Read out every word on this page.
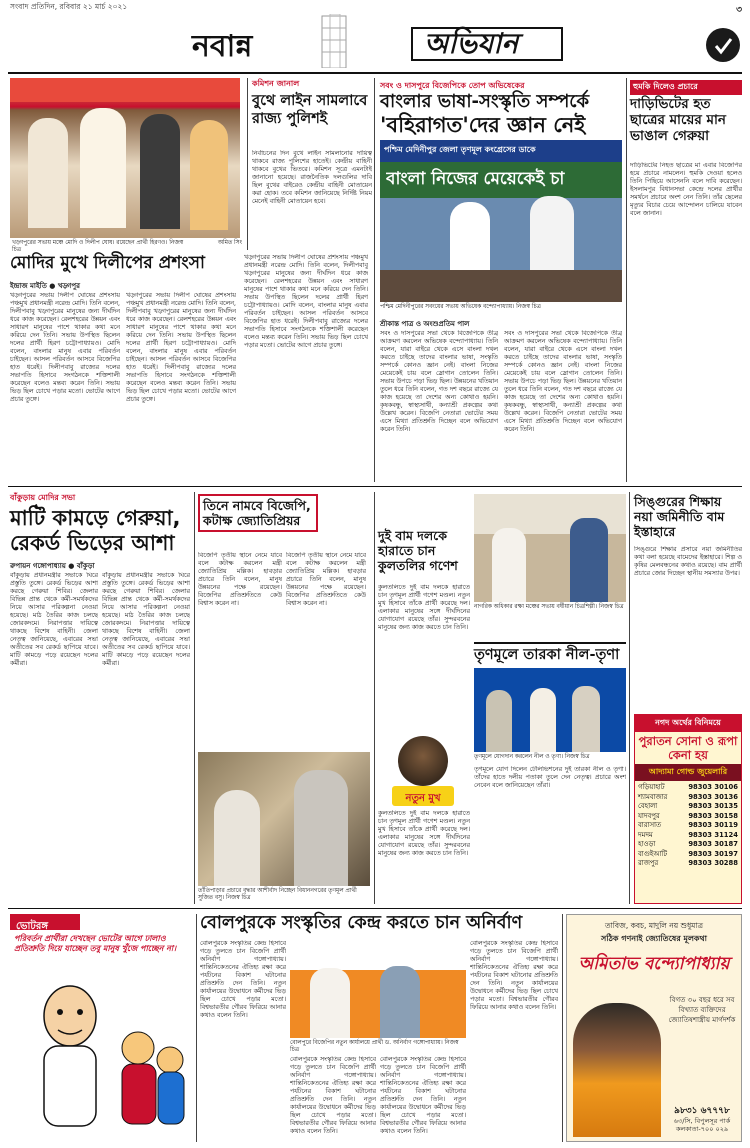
সংবাদ প্রতিদিন, রবিবার ২১ মার্চ ২০২১	৩
নবান্ন	অভিযান
খড়্গপুরের সভায় মঞ্চে মোদি ও দিলীপ ঘোষ। রয়েছেন প্রার্থী হিরণও। নিজস্ব চিত্র
অমিত সিং
মোদির মুখে দিলীপের প্রশংসা
ইন্দ্রাজ মাইতি ● খড়্গপুর
খড়্গপুরের সভায় দিলীপ ঘোষের প্রশংসায় পঞ্চমুখ প্রধানমন্ত্রী নরেন্দ্র মোদি। তিনি বলেন, দিলীপবাবু খড়্গপুরের মানুষের জন্য দীর্ঘদিন ধরে কাজ করেছেন। রেলশহরের উন্নয়ন এবং সাধারণ মানুষের পাশে থাকার কথা মনে করিয়ে দেন তিনি। সভায় উপস্থিত ছিলেন দলের প্রার্থী হিরণ চট্টোপাধ্যায়ও। মোদি বলেন, বাংলার মানুষ এবার পরিবর্তন চাইছেন। আসল পরিবর্তন আসবে বিজেপির হাত ধরেই। দিলীপবাবু রাজ্যের দলের সভাপতি হিসাবে সংগঠনকে শক্তিশালী করেছেন বলেও মন্তব্য করেন তিনি। সভায় ভিড় ছিল চোখে পড়ার মতো। ভোটের আগে প্রচার তুঙ্গে।
খড়্গপুরের সভায় দিলীপ ঘোষের প্রশংসায় পঞ্চমুখ প্রধানমন্ত্রী নরেন্দ্র মোদি। তিনি বলেন, দিলীপবাবু খড়্গপুরের মানুষের জন্য দীর্ঘদিন ধরে কাজ করেছেন। রেলশহরের উন্নয়ন এবং সাধারণ মানুষের পাশে থাকার কথা মনে করিয়ে দেন তিনি। সভায় উপস্থিত ছিলেন দলের প্রার্থী হিরণ চট্টোপাধ্যায়ও। মোদি বলেন, বাংলার মানুষ এবার পরিবর্তন চাইছেন। আসল পরিবর্তন আসবে বিজেপির হাত ধরেই। দিলীপবাবু রাজ্যের দলের সভাপতি হিসাবে সংগঠনকে শক্তিশালী করেছেন বলেও মন্তব্য করেন তিনি। সভায় ভিড় ছিল চোখে পড়ার মতো। ভোটের আগে প্রচার তুঙ্গে।
খড়্গপুরের সভায় দিলীপ ঘোষের প্রশংসায় পঞ্চমুখ প্রধানমন্ত্রী নরেন্দ্র মোদি। তিনি বলেন, দিলীপবাবু খড়্গপুরের মানুষের জন্য দীর্ঘদিন ধরে কাজ করেছেন। রেলশহরের উন্নয়ন এবং সাধারণ মানুষের পাশে থাকার কথা মনে করিয়ে দেন তিনি। সভায় উপস্থিত ছিলেন দলের প্রার্থী হিরণ চট্টোপাধ্যায়ও। মোদি বলেন, বাংলার মানুষ এবার পরিবর্তন চাইছেন। আসল পরিবর্তন আসবে বিজেপির হাত ধরেই। দিলীপবাবু রাজ্যের দলের সভাপতি হিসাবে সংগঠনকে শক্তিশালী করেছেন বলেও মন্তব্য করেন তিনি। সভায় ভিড় ছিল চোখে পড়ার মতো। ভোটের আগে প্রচার তুঙ্গে।
কমিশন জানাল
বুথে লাইন সামলাবে রাজ্য পুলিশই
নির্বাচনের দিন বুথে লাইন সামলানোর দায়িত্ব থাকবে রাজ্য পুলিশের হাতেই। কেন্দ্রীয় বাহিনী থাকবে বুথের ভিতরে। কমিশন সূত্রে এমনটাই জানানো হয়েছে। রাজনৈতিক দলগুলির দাবি ছিল বুথের বাইরেও কেন্দ্রীয় বাহিনী মোতায়েন করা হোক। তবে কমিশন জানিয়েছে নির্দিষ্ট নিয়ম মেনেই বাহিনী মোতায়েন হবে।
সবং ও দাসপুরে বিজেপিকে তোপ অভিষেকের
বাংলার ভাষা-সংস্কৃতি সম্পর্কে
'বহিরাগত'দের জ্ঞান নেই
পশ্চিম মেদিনীপুর জেলা তৃণমূল কংগ্রেসের ডাকে
বাংলা নিজের মেয়েকেই চা
পশ্চিম মেদিনীপুরের সবংয়ের সভায় অভিষেক বন্দ্যোপাধ্যায়। নিজস্ব চিত্র
শ্রীকান্ত পাত্র ও অংশুপ্রতিম পাল
সবং ও দাসপুরের সভা থেকে বিজেপিকে তীব্র আক্রমণ করলেন অভিষেক বন্দ্যোপাধ্যায়। তিনি বলেন, যারা বাইরে থেকে এসে বাংলা দখল করতে চাইছে তাদের বাংলার ভাষা, সংস্কৃতি সম্পর্কে কোনও জ্ঞান নেই। বাংলা নিজের মেয়েকেই চায় বলে স্লোগান তোলেন তিনি। সভায় উপচে পড়া ভিড় ছিল। উন্নয়নের খতিয়ান তুলে ধরে তিনি বলেন, গত দশ বছরে রাজ্যে যে কাজ হয়েছে তা দেশের অন্য কোথাও হয়নি। কৃষকবন্ধু, স্বাস্থ্যসাথী, কন্যাশ্রী প্রকল্পের কথা উল্লেখ করেন। বিজেপি নেতারা ভোটের সময় এসে মিথ্যা প্রতিশ্রুতি দিচ্ছেন বলে অভিযোগ করেন তিনি।
সবং ও দাসপুরের সভা থেকে বিজেপিকে তীব্র আক্রমণ করলেন অভিষেক বন্দ্যোপাধ্যায়। তিনি বলেন, যারা বাইরে থেকে এসে বাংলা দখল করতে চাইছে তাদের বাংলার ভাষা, সংস্কৃতি সম্পর্কে কোনও জ্ঞান নেই। বাংলা নিজের মেয়েকেই চায় বলে স্লোগান তোলেন তিনি। সভায় উপচে পড়া ভিড় ছিল। উন্নয়নের খতিয়ান তুলে ধরে তিনি বলেন, গত দশ বছরে রাজ্যে যে কাজ হয়েছে তা দেশের অন্য কোথাও হয়নি। কৃষকবন্ধু, স্বাস্থ্যসাথী, কন্যাশ্রী প্রকল্পের কথা উল্লেখ করেন। বিজেপি নেতারা ভোটের সময় এসে মিথ্যা প্রতিশ্রুতি দিচ্ছেন বলে অভিযোগ করেন তিনি।
হুমকি দিলেও প্রচারে
দাড়িভিটের হত ছাত্রের মায়ের মান ভাঙাল গেরুয়া
দাড়িভিটের নিহত ছাত্রের মা এবার বিজেপির হয়ে প্রচারে নামলেন। হুমকি দেওয়া হলেও তিনি পিছিয়ে আসেননি বলে দাবি করেছেন। ইসলামপুর বিধানসভা কেন্দ্রে দলের প্রার্থীর সমর্থনে প্রচারে অংশ নেন তিনি। তাঁর ছেলের মৃত্যুর বিচার চেয়ে আন্দোলন চালিয়ে যাবেন বলে জানান।
বাঁকুড়ায় মোদির সভা
মাটি কামড়ে গেরুয়া, রেকর্ড ভিড়ের আশা
রুপায়ন গঙ্গোপাধ্যায় ● বাঁকুড়া
বাঁকুড়ায় প্রধানমন্ত্রীর সভাকে ঘিরে প্রস্তুতি তুঙ্গে। রেকর্ড ভিড়ের আশা করছে গেরুয়া শিবির। জেলার বিভিন্ন প্রান্ত থেকে কর্মী-সমর্থকদের নিয়ে আসার পরিকল্পনা নেওয়া হয়েছে। মাঠ তৈরির কাজ চলছে জোরকদমে। নিরাপত্তার দায়িত্বে থাকছে বিশেষ বাহিনী। জেলা নেতৃত্ব জানিয়েছে, এবারের সভা অতীতের সব রেকর্ড ছাপিয়ে যাবে। মাটি কামড়ে পড়ে রয়েছেন দলের কর্মীরা।
বাঁকুড়ায় প্রধানমন্ত্রীর সভাকে ঘিরে প্রস্তুতি তুঙ্গে। রেকর্ড ভিড়ের আশা করছে গেরুয়া শিবির। জেলার বিভিন্ন প্রান্ত থেকে কর্মী-সমর্থকদের নিয়ে আসার পরিকল্পনা নেওয়া হয়েছে। মাঠ তৈরির কাজ চলছে জোরকদমে। নিরাপত্তার দায়িত্বে থাকছে বিশেষ বাহিনী। জেলা নেতৃত্ব জানিয়েছে, এবারের সভা অতীতের সব রেকর্ড ছাপিয়ে যাবে। মাটি কামড়ে পড়ে রয়েছেন দলের কর্মীরা।
তিনে নামবে বিজেপি, কটাক্ষ জ্যোতিপ্রিয়র
বিজেপি তৃতীয় স্থানে নেমে যাবে বলে কটাক্ষ করলেন মন্ত্রী জ্যোতিপ্রিয় মল্লিক। হাবড়ার প্রচারে তিনি বলেন, মানুষ উন্নয়নের পক্ষে রয়েছেন। বিজেপির প্রতিশ্রুতিতে কেউ বিশ্বাস করেন না।
বিজেপি তৃতীয় স্থানে নেমে যাবে বলে কটাক্ষ করলেন মন্ত্রী জ্যোতিপ্রিয় মল্লিক। হাবড়ার প্রচারে তিনি বলেন, মানুষ উন্নয়নের পক্ষে রয়েছেন। বিজেপির প্রতিশ্রুতিতে কেউ বিশ্বাস করেন না।
তাঁতিপাড়ার প্রচারে বৃদ্ধার আশীর্বাদ নিচ্ছেন বিধাননগরের তৃণমূল প্রার্থী সুজিত বসু। নিজস্ব চিত্র
দুই বাম দলকে হারাতে চান কুলতলির গণেশ
কুলতলিতে দুই বাম দলকে হারাতে চান তৃণমূল প্রার্থী গণেশ মণ্ডল। নতুন মুখ হিসাবে তাঁকে প্রার্থী করেছে দল। এলাকার মানুষের সঙ্গে দীর্ঘদিনের যোগাযোগ রয়েছে তাঁর। সুন্দরবনের মানুষের জন্য কাজ করতে চান তিনি।
নাগরিক অধিকার রক্ষা মঞ্চের সভায় বর্ষীয়ান চিত্রশিল্পী। নিজস্ব চিত্র
সিঙ্গুরের শিক্ষায় নয়া জমিনীতি বাম ইস্তাহারে
সিঙ্গুরে শিক্ষার প্রসারে নয়া জমিনীতির কথা বলা হয়েছে বামেদের ইস্তাহারে। শিল্প ও কৃষির মেলবন্ধনের কথাও রয়েছে। বাম প্রার্থী প্রচারে জোর দিচ্ছেন স্থানীয় সমস্যার উপর।
তৃণমূলে তারকা নীল-তৃণা
তৃণমূলে যোগদান করলেন নীল ও তৃণা। নিজস্ব চিত্র
নতুন মুখ
কুলতলিতে দুই বাম দলকে হারাতে চান তৃণমূল প্রার্থী গণেশ মণ্ডল। নতুন মুখ হিসাবে তাঁকে প্রার্থী করেছে দল। এলাকার মানুষের সঙ্গে দীর্ঘদিনের যোগাযোগ রয়েছে তাঁর। সুন্দরবনের মানুষের জন্য কাজ করতে চান তিনি।
তৃণমূলে যোগ দিলেন টেলিভিশনের দুই তারকা নীল ও তৃণা। তাঁদের হাতে দলীয় পতাকা তুলে দেন নেতৃত্ব। প্রচারে অংশ নেবেন বলে জানিয়েছেন তাঁরা।
নগদ অর্থের বিনিময়ে
পুরাতন সোনা ও রূপা কেনা হয়
আদ্যামা গোল্ড জুয়েলারি
গড়িয়াহাট	98303 30106
শ্যামবাজার	98303 30136
বেহালা	98303 30135
যাদবপুর	98303 30158
বারাসাত	98303 30119
দমদম	98303 31124
হাওড়া	98303 30187
বাগুইআটি	98303 30197
রাজপুর	98303 30288
ভোটরঙ্গ
পরিবর্তন প্রার্থীরা দেখছেন ভোটের আগে ঢালাও প্রতিশ্রুতি দিয়ে যাচ্ছেন তবু মানুষ খুঁজে পাচ্ছেন না।
বোলপুরকে সংস্কৃতির কেন্দ্র করতে চান অনির্বাণ
বোলপুরকে সংস্কৃতির কেন্দ্র হিসাবে গড়ে তুলতে চান বিজেপি প্রার্থী অনির্বাণ গঙ্গোপাধ্যায়। শান্তিনিকেতনের ঐতিহ্য রক্ষা করে পর্যটনের বিকাশ ঘটানোর প্রতিশ্রুতি দেন তিনি। নতুন কার্যালয়ের উদ্বোধনে কর্মীদের ভিড় ছিল চোখে পড়ার মতো। বিশ্বভারতীর গৌরব ফিরিয়ে আনার কথাও বলেন তিনি।
বোলপুরে বিজেপির নতুন কার্যালয়ে প্রার্থী ড. অনির্বাণ গঙ্গোপাধ্যায়। নিজস্ব চিত্র
বোলপুরকে সংস্কৃতির কেন্দ্র হিসাবে গড়ে তুলতে চান বিজেপি প্রার্থী অনির্বাণ গঙ্গোপাধ্যায়। শান্তিনিকেতনের ঐতিহ্য রক্ষা করে পর্যটনের বিকাশ ঘটানোর প্রতিশ্রুতি দেন তিনি। নতুন কার্যালয়ের উদ্বোধনে কর্মীদের ভিড় ছিল চোখে পড়ার মতো। বিশ্বভারতীর গৌরব ফিরিয়ে আনার কথাও বলেন তিনি।
বোলপুরকে সংস্কৃতির কেন্দ্র হিসাবে গড়ে তুলতে চান বিজেপি প্রার্থী অনির্বাণ গঙ্গোপাধ্যায়। শান্তিনিকেতনের ঐতিহ্য রক্ষা করে পর্যটনের বিকাশ ঘটানোর প্রতিশ্রুতি দেন তিনি। নতুন কার্যালয়ের উদ্বোধনে কর্মীদের ভিড় ছিল চোখে পড়ার মতো। বিশ্বভারতীর গৌরব ফিরিয়ে আনার কথাও বলেন তিনি।
বোলপুরকে সংস্কৃতির কেন্দ্র হিসাবে গড়ে তুলতে চান বিজেপি প্রার্থী অনির্বাণ গঙ্গোপাধ্যায়। শান্তিনিকেতনের ঐতিহ্য রক্ষা করে পর্যটনের বিকাশ ঘটানোর প্রতিশ্রুতি দেন তিনি। নতুন কার্যালয়ের উদ্বোধনে কর্মীদের ভিড় ছিল চোখে পড়ার মতো। বিশ্বভারতীর গৌরব ফিরিয়ে আনার কথাও বলেন তিনি।
তাবিজ, কবচ, মাদুলি নয় শুধুমাত্র
সঠিক গণনাই জ্যোতিষের মূলকথা
অমিতাভ বন্দ্যোপাধ্যায়
বিগত ৩০ বছর ধরে সব বিখ্যাত ব্যক্তিদের জ্যোতিষশাস্ত্রীয় মার্গদর্শক
৯৮৩১ ৬৭৭৭৮
৬৩/সি, বিপুলসূর পার্ক কলকাতা-৭০০ ০২৯
